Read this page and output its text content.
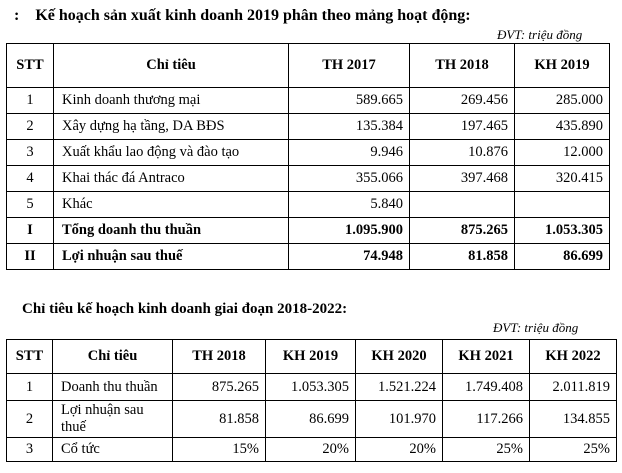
: Kế hoạch sản xuất kinh doanh 2019 phân theo mảng hoạt động:
ĐVT: triệu đồng
STT	Chỉ tiêu	TH 2017	TH 2018	KH 2019
1	Kinh doanh thương mại	589.665	269.456	285.000
2	Xây dựng hạ tầng, DA BĐS	135.384	197.465	435.890
3	Xuất khẩu lao động và đào tạo	9.946	10.876	12.000
4	Khai thác đá Antraco	355.066	397.468	320.415
5	Khác	5.840		
I	Tổng doanh thu thuần	1.095.900	875.265	1.053.305
II	Lợi nhuận sau thuế	74.948	81.858	86.699
Chỉ tiêu kế hoạch kinh doanh giai đoạn 2018-2022:
ĐVT: triệu đồng
STT	Chỉ tiêu	TH 2018	KH 2019	KH 2020	KH 2021	KH 2022
1	Doanh thu thuần	875.265	1.053.305	1.521.224	1.749.408	2.011.819
2	Lợi nhuận sau thuế	81.858	86.699	101.970	117.266	134.855
3	Cổ tức	15%	20%	20%	25%	25%
